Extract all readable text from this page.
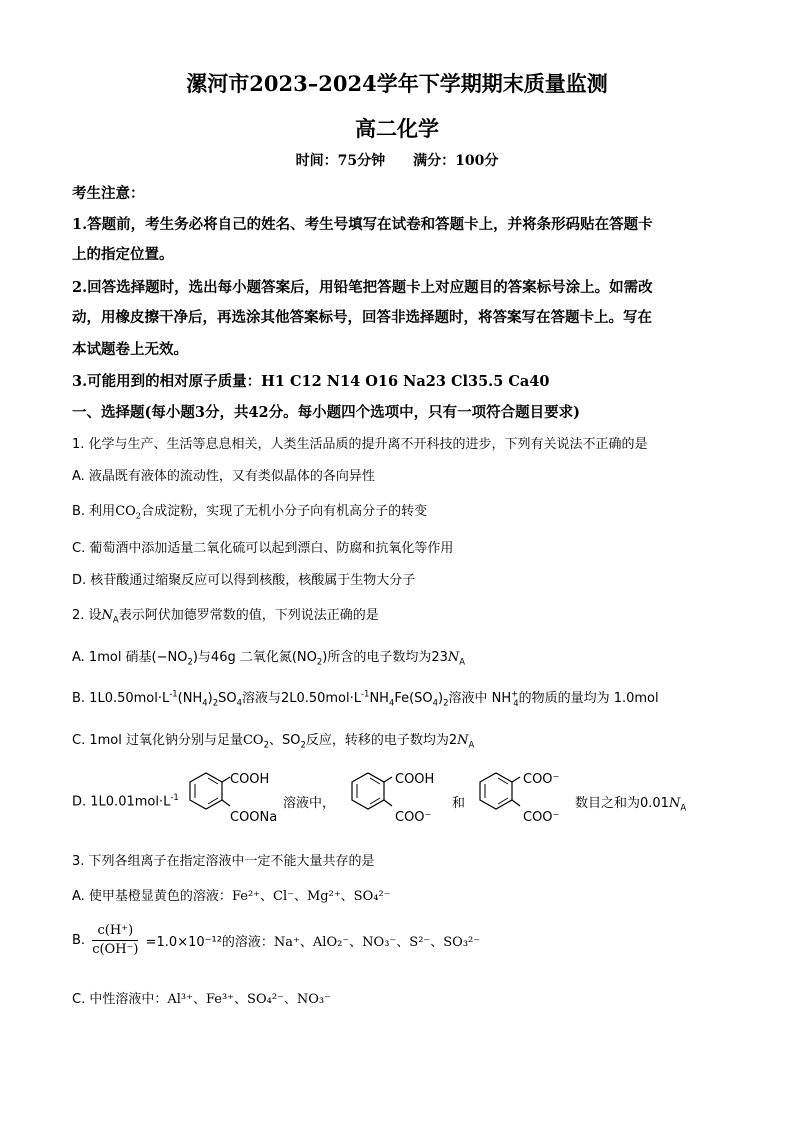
漯河市2023–2024学年下学期期末质量监测
高二化学
时间：75分钟　　满分：100分
考生注意：
1.答题前，考生务必将自己的姓名、考生号填写在试卷和答题卡上，并将条形码贴在答题卡
上的指定位置。
2.回答选择题时，选出每小题答案后，用铅笔把答题卡上对应题目的答案标号涂上。如需改
动，用橡皮擦干净后，再选涂其他答案标号，回答非选择题时，将答案写在答题卡上。写在
本试题卷上无效。
3.可能用到的相对原子质量：H1 C12 N14 O16 Na23 Cl35.5 Ca40
一、选择题(每小题3分，共42分。每小题四个选项中，只有一项符合题目要求)
1. 化学与生产、生活等息息相关，人类生活品质的提升离不开科技的进步，下列有关说法不正确的是
A. 液晶既有液体的流动性，又有类似晶体的各向异性
B. 利用$CO_2$合成淀粉，实现了无机小分子向有机高分子的转变
C. 葡萄酒中添加适量二氧化硫可以起到漂白、防腐和抗氧化等作用
D. 核苷酸通过缩聚反应可以得到核酸，核酸属于生物大分子
2. 设$N_A$表示阿伏加德罗常数的值，下列说法正确的是
A. 1mol 硝基$(-NO_2)$与46g 二氧化氮$(NO_2)$所含的电子数均为$23N_A$
B. $1L0.50mol\cdot L^{-1}(NH_4)_2SO_4$溶液与$2L0.50mol\cdot L^{-1}NH_4Fe(SO_4)_2$溶液中 $NH^+_4$的物质的量均为 1.0mol
C. 1mol 过氧化钠分别与足量$CO_2$、$SO_2$反应，转移的电子数均为$2N_A$
D. $1L0.01mol\cdot L^{-1}$
COOH
COONa
溶液中，
COOH
COO⁻
和
COO⁻
COO⁻
数目之和为$0.01N_A$
3. 下列各组离子在指定溶液中一定不能大量共存的是
A. 使甲基橙显黄色的溶液：Fe²⁺、Cl⁻、Mg²⁺、SO₄²⁻
B. $\frac{c(H^+)}{c(OH^-)} =1.0\times 10^{-12}$的溶液：Na⁺、AlO₂⁻、NO₃⁻、S²⁻、SO₃²⁻
C. 中性溶液中：Al³⁺、Fe³⁺、SO₄²⁻、NO₃⁻
